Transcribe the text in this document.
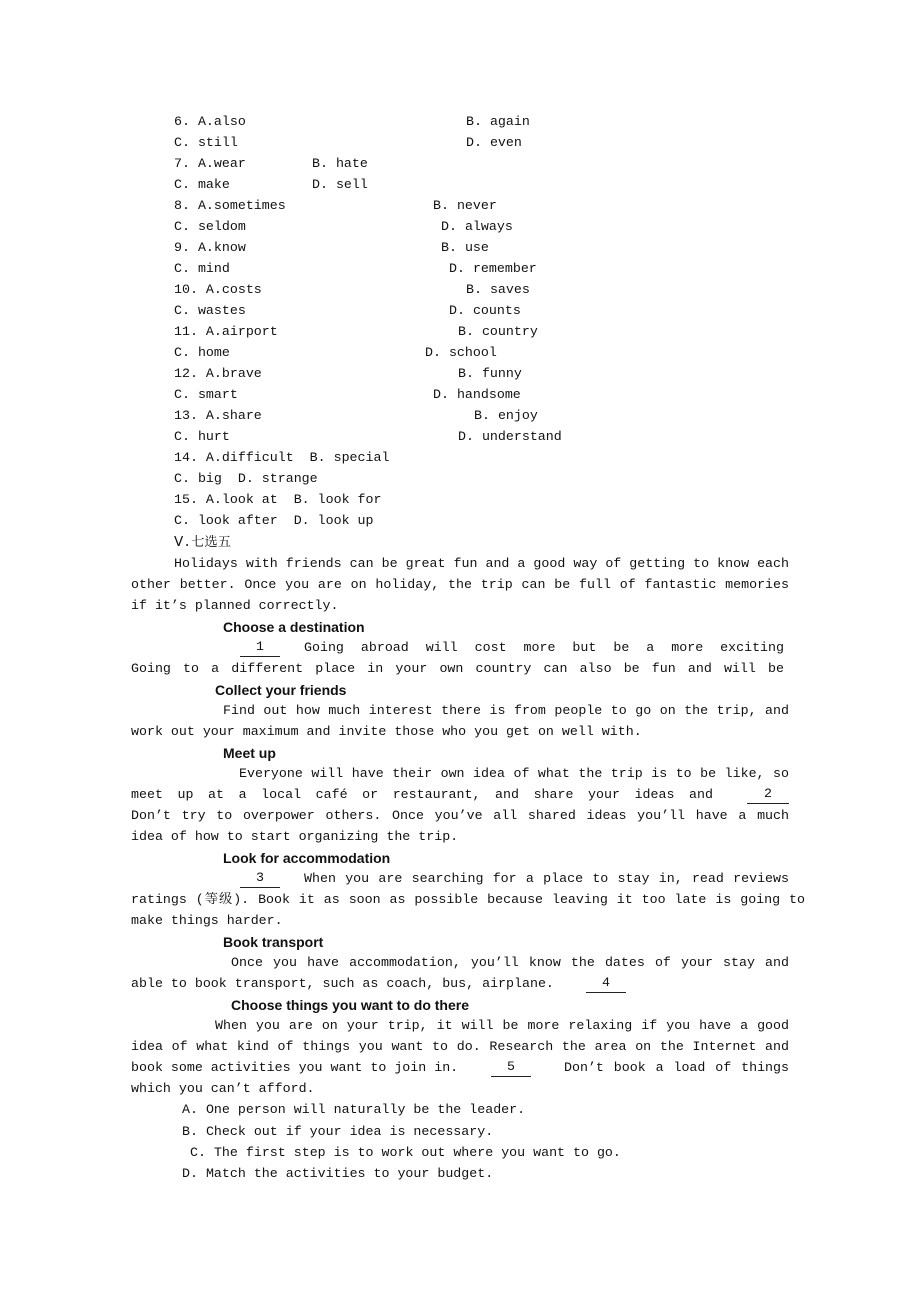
6. A.also	B. again
C. still	D. even
7. A.wear	B. hate
C. make	D. sell
8. A.sometimes	B. never
C. seldom	D. always
9. A.know	B. use
C. mind	D. remember
10. A.costs	B. saves
C. wastes	D. counts
11. A.airport	B. country
C. home	D. school
12. A.brave	B. funny
C. smart	D. handsome
13. A.share	B. enjoy
C. hurt	D. understand
14. A.difficult  B. special
C. big  D. strange
15. A.look at  B. look for
C. look after  D. look up
Ⅴ.七选五
Holidays with friends can be great fun and a good way of getting to know each
other better. Once you are on holiday, the trip can be full of fantastic memories
if it’s planned correctly.
Choose a destination
1	Going abroad will cost more but be a more exciting
Going to a different place in your own country can also be fun and will be
Collect your friends
Find out how much interest there is from people to go on the trip, and
work out your maximum and invite those who you get on well with.
Meet up
Everyone will have their own idea of what the trip is to be like, so
meet up at a local café or restaurant, and share your ideas and	2
Don’t try to overpower others. Once you’ve all shared ideas you’ll have a much
idea of how to start organizing the trip.
Look for accommodation
3	When you are searching for a place to stay in, read reviews
ratings (等级). Book it as soon as possible because leaving it too late is going to
make things harder.
Book transport
Once you have accommodation, you’ll know the dates of your stay and
able to book transport, such as coach, bus, airplane.	4
Choose things you want to do there
When you are on your trip, it will be more relaxing if you have a good
idea of what kind of things you want to do. Research the area on the Internet and
book some activities you want to join in.	5	Don’t book a load of things
which you can’t afford.
A. One person will naturally be the leader.
B. Check out if your idea is necessary.
C. The first step is to work out where you want to go.
D. Match the activities to your budget.
